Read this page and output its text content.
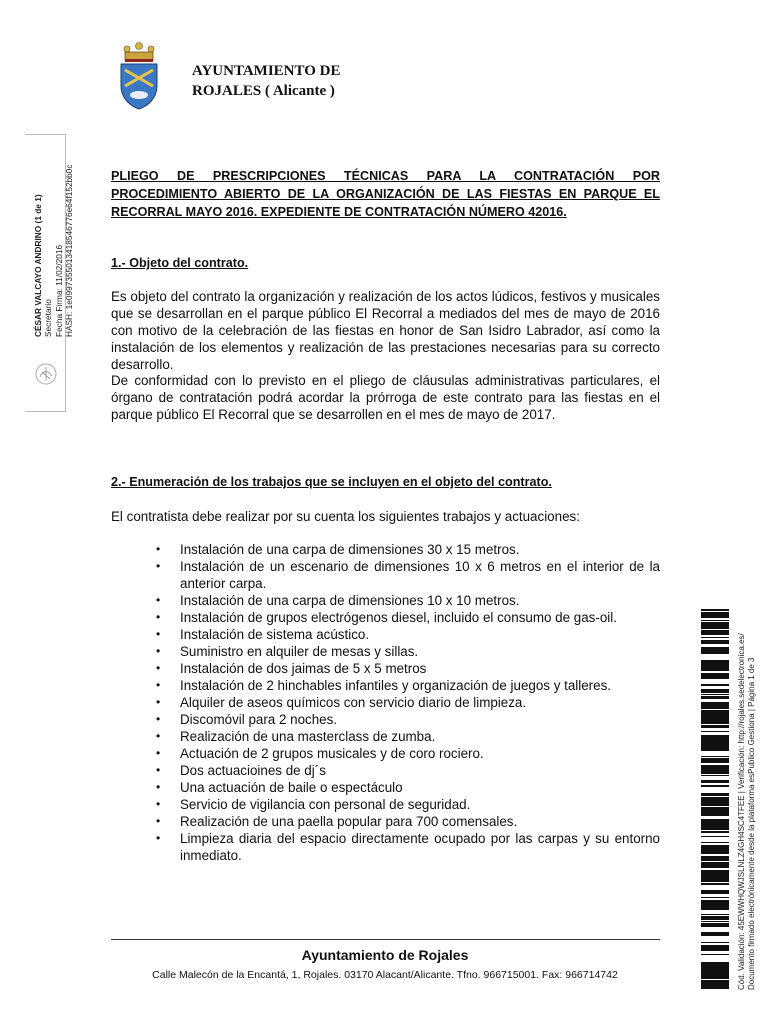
AYUNTAMIENTO DE
ROJALES ( Alicante )
CÉSAR VALCAYO ANDRINO (1 de 1) Secretario Fecha Firma: 11/02/2016 HASH: 1e0997355013418546776e64f152bb0c
Cód. Validación: 45EWWHQWJSLNLZ4GH4SC4TFEE | Verificación: http://rojales.sedelectronica.es/ Documento firmado electrónicamente desde la plataforma esPublico Gestiona | Página 1 de 3
PLIEGO DE PRESCRIPCIONES TÉCNICAS PARA LA CONTRATACIÓN POR PROCEDIMIENTO ABIERTO DE LA ORGANIZACIÓN DE LAS FIESTAS EN PARQUE EL RECORRAL MAYO 2016. EXPEDIENTE DE CONTRATACIÓN NÚMERO 42016.
1.- Objeto del contrato.
Es objeto del contrato la organización y realización de los actos lúdicos, festivos y musicales que se desarrollan en el parque público El Recorral a mediados del mes de mayo de 2016 con motivo de la celebración de las fiestas en honor de San Isidro Labrador, así como la instalación de los elementos y realización de las prestaciones necesarias para su correcto desarrollo.
De conformidad con lo previsto en el pliego de cláusulas administrativas particulares, el órgano de contratación podrá acordar la prórroga de este contrato para las fiestas en el parque público El Recorral que se desarrollen en el mes de mayo de 2017.
2.- Enumeración de los trabajos que se incluyen en el objeto del contrato.
El contratista debe realizar por su cuenta los siguientes trabajos y actuaciones:
• Instalación de una carpa de dimensiones 30 x 15 metros.
• Instalación de un escenario de dimensiones 10 x 6 metros en el interior de la anterior carpa.
• Instalación de una carpa de dimensiones 10 x 10 metros.
• Instalación de grupos electrógenos diesel, incluido el consumo de gas-oil.
• Instalación de sistema acústico.
• Suministro en alquiler de mesas y sillas.
• Instalación de dos jaimas de 5 x 5 metros
• Instalación de 2 hinchables infantiles y organización de juegos y talleres.
• Alquiler de aseos químicos con servicio diario de limpieza.
• Discomóvil para 2 noches.
• Realización de una masterclass de zumba.
• Actuación de 2 grupos musicales y de coro rociero.
• Dos actuacioines de dj´s
• Una actuación de baile o espectáculo
• Servicio de vigilancia con personal de seguridad.
• Realización de una paella popular para 700 comensales.
• Limpieza diaria del espacio directamente ocupado por las carpas y su entorno inmediato.
Ayuntamiento de Rojales
Calle Malecón de la Encantá, 1, Rojales. 03170 Alacant/Alicante. Tfno. 966715001. Fax: 966714742
